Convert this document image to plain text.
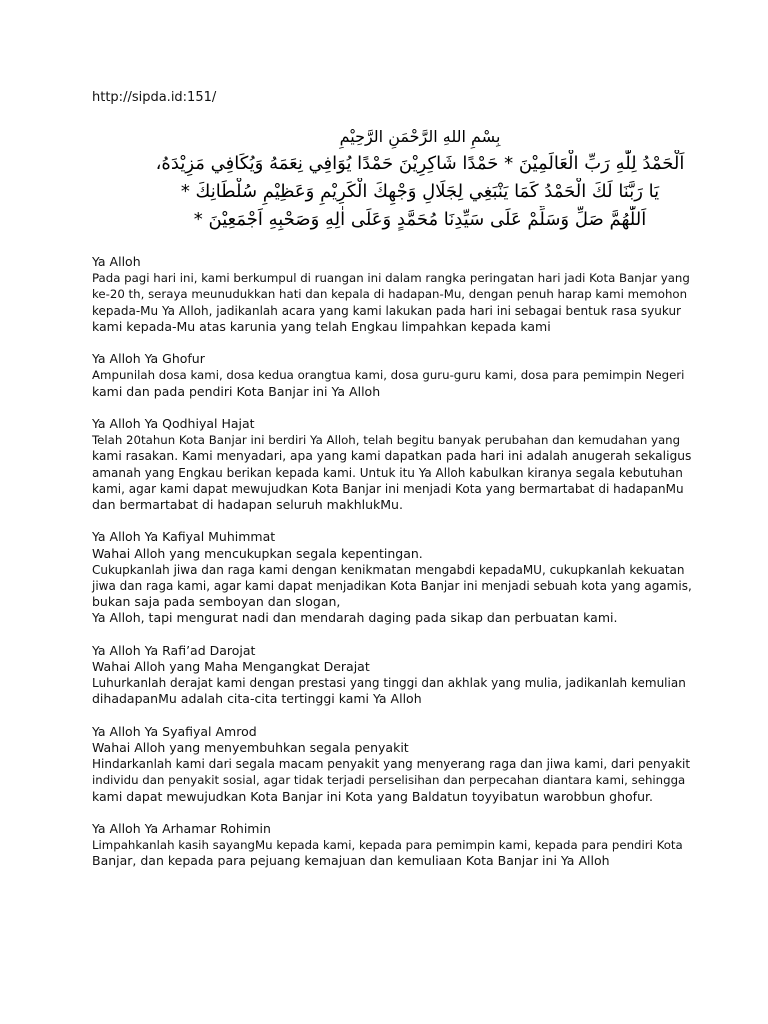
http://sipda.id:151/
بِسْمِ اللهِ الرَّحْمَنِ الرَّحِيْمِ
اَلْحَمْدُ لِلّٰهِ رَبِّ الْعَالَمِيْنَ * حَمْدًا شَاكِرِيْنَ حَمْدًا يُوَافِي نِعَمَهُ وَيُكَافِي مَزِيْدَهُ،
يَا رَبَّنَا لَكَ الْحَمْدُ كَمَا يَنْبَغِي لِجَلَالِ وَجْهِكَ الْكَرِيْمِ وَعَظِيْمِ سُلْطَانِكَ *
اَللّٰهُمَّ صَلِّ وَسَلِّمْ عَلَى سَيِّدِنَا مُحَمَّدٍ وَعَلَى اٰلِهِ وَصَحْبِهِ اَجْمَعِيْنَ *
Ya Alloh
Pada pagi hari ini, kami berkumpul di ruangan ini dalam rangka peringatan hari jadi Kota Banjar yang
ke-20 th, seraya meunudukkan hati dan kepala di hadapan-Mu, dengan penuh harap kami memohon
kepada-Mu Ya Alloh, jadikanlah acara yang kami lakukan pada hari ini sebagai bentuk rasa syukur
kami kepada-Mu atas karunia yang telah Engkau limpahkan kepada kami
Ya Alloh Ya Ghofur
Ampunilah dosa kami, dosa kedua orangtua kami, dosa guru-guru kami, dosa para pemimpin Negeri
kami dan pada pendiri Kota Banjar ini Ya Alloh
Ya Alloh Ya Qodhiyal Hajat
Telah 20tahun Kota Banjar ini berdiri Ya Alloh, telah begitu banyak perubahan dan kemudahan yang
kami rasakan. Kami menyadari, apa yang kami dapatkan pada hari ini adalah anugerah sekaligus
amanah yang Engkau berikan kepada kami. Untuk itu Ya Alloh kabulkan kiranya segala kebutuhan
kami, agar kami dapat mewujudkan Kota Banjar ini menjadi Kota yang bermartabat di hadapanMu
dan bermartabat di hadapan seluruh makhlukMu.
Ya Alloh Ya Kafiyal Muhimmat
Wahai Alloh yang mencukupkan segala kepentingan.
Cukupkanlah jiwa dan raga kami dengan kenikmatan mengabdi kepadaMU, cukupkanlah kekuatan
jiwa dan raga kami, agar kami dapat menjadikan Kota Banjar ini menjadi sebuah kota yang agamis,
bukan saja pada semboyan dan slogan,
Ya Alloh, tapi mengurat nadi dan mendarah daging pada sikap dan perbuatan kami.
Ya Alloh Ya Rafi’ad Darojat
Wahai Alloh yang Maha Mengangkat Derajat
Luhurkanlah derajat kami dengan prestasi yang tinggi dan akhlak yang mulia, jadikanlah kemulian
dihadapanMu adalah cita-cita tertinggi kami Ya Alloh
Ya Alloh Ya Syafiyal Amrod
Wahai Alloh yang menyembuhkan segala penyakit
Hindarkanlah kami dari segala macam penyakit yang menyerang raga dan jiwa kami, dari penyakit
individu dan penyakit sosial, agar tidak terjadi perselisihan dan perpecahan diantara kami, sehingga
kami dapat mewujudkan Kota Banjar ini Kota yang Baldatun toyyibatun warobbun ghofur.
Ya Alloh Ya Arhamar Rohimin
Limpahkanlah kasih sayangMu kepada kami, kepada para pemimpin kami, kepada para pendiri Kota
Banjar, dan kepada para pejuang kemajuan dan kemuliaan Kota Banjar ini Ya Alloh
